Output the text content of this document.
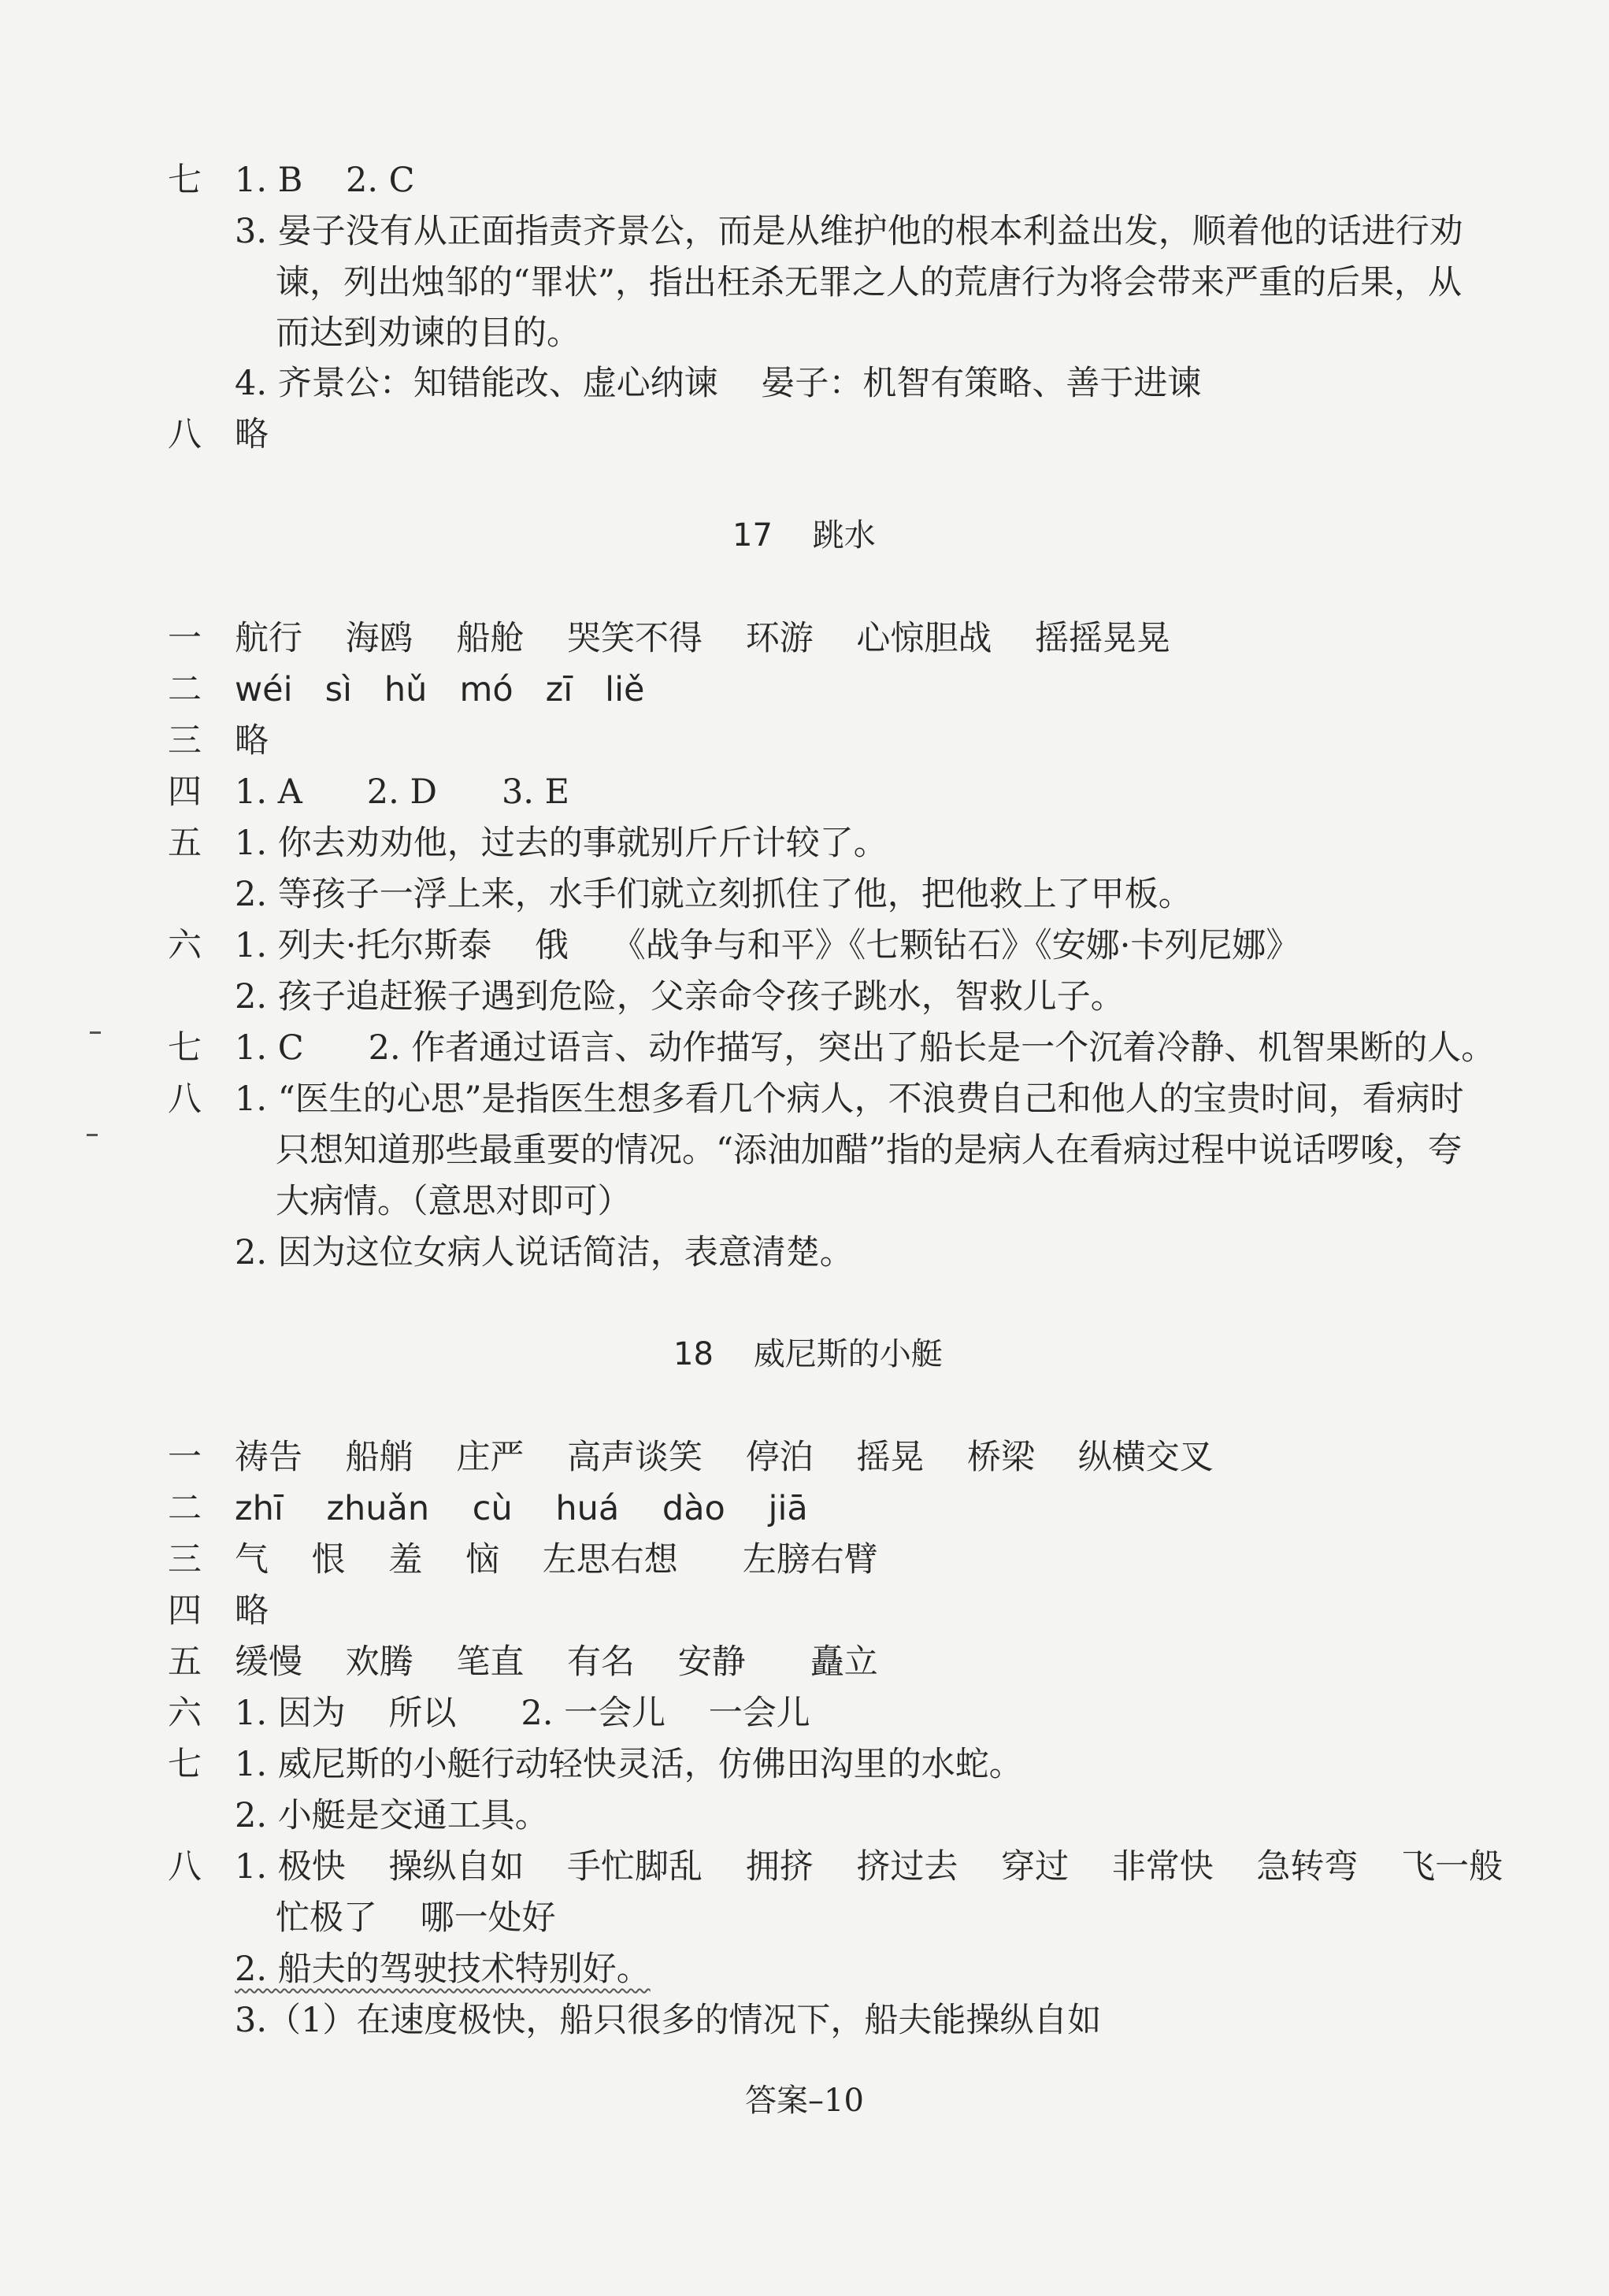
七 1. B    2. C
3. 晏子没有从正面指责齐景公，而是从维护他的根本利益出发，顺着他的话进行劝
谏，列出烛邹的“罪状”，指出枉杀无罪之人的荒唐行为将会带来严重的后果，从
而达到劝谏的目的。
4. 齐景公：知错能改、虚心纳谏    晏子：机智有策略、善于进谏
八 略
17    跳水
一 航行    海鸥    船舱    哭笑不得    环游    心惊胆战    摇摇晃晃
二 wéi   sì   hǔ   mó   zī   liě
三 略
四 1. A      2. D      3. E
五 1. 你去劝劝他，过去的事就别斤斤计较了。
2. 等孩子一浮上来，水手们就立刻抓住了他，把他救上了甲板。
六 1. 列夫·托尔斯泰    俄    《战争与和平》《七颗钻石》《安娜·卡列尼娜》
2. 孩子追赶猴子遇到危险，父亲命令孩子跳水，智救儿子。
七 1. C      2. 作者通过语言、动作描写，突出了船长是一个沉着冷静、机智果断的人。
八 1. “医生的心思”是指医生想多看几个病人，不浪费自己和他人的宝贵时间，看病时
只想知道那些最重要的情况。“添油加醋”指的是病人在看病过程中说话啰唆，夸
大病情。（意思对即可）
2. 因为这位女病人说话简洁，表意清楚。
18    威尼斯的小艇
一 祷告    船艄    庄严    高声谈笑    停泊    摇晃    桥梁    纵横交叉
二 zhī    zhuǎn    cù    huá    dào    jiā
三 气    恨    羞    恼    左思右想      左膀右臂
四 略
五 缓慢    欢腾    笔直    有名    安静      矗立
六 1. 因为    所以      2. 一会儿    一会儿
七 1. 威尼斯的小艇行动轻快灵活，仿佛田沟里的水蛇。
2. 小艇是交通工具。
八 1. 极快    操纵自如    手忙脚乱    拥挤    挤过去    穿过    非常快    急转弯    飞一般
忙极了    哪一处好
2. 船夫的驾驶技术特别好。
3.（1）在速度极快，船只很多的情况下，船夫能操纵自如
答案–10
